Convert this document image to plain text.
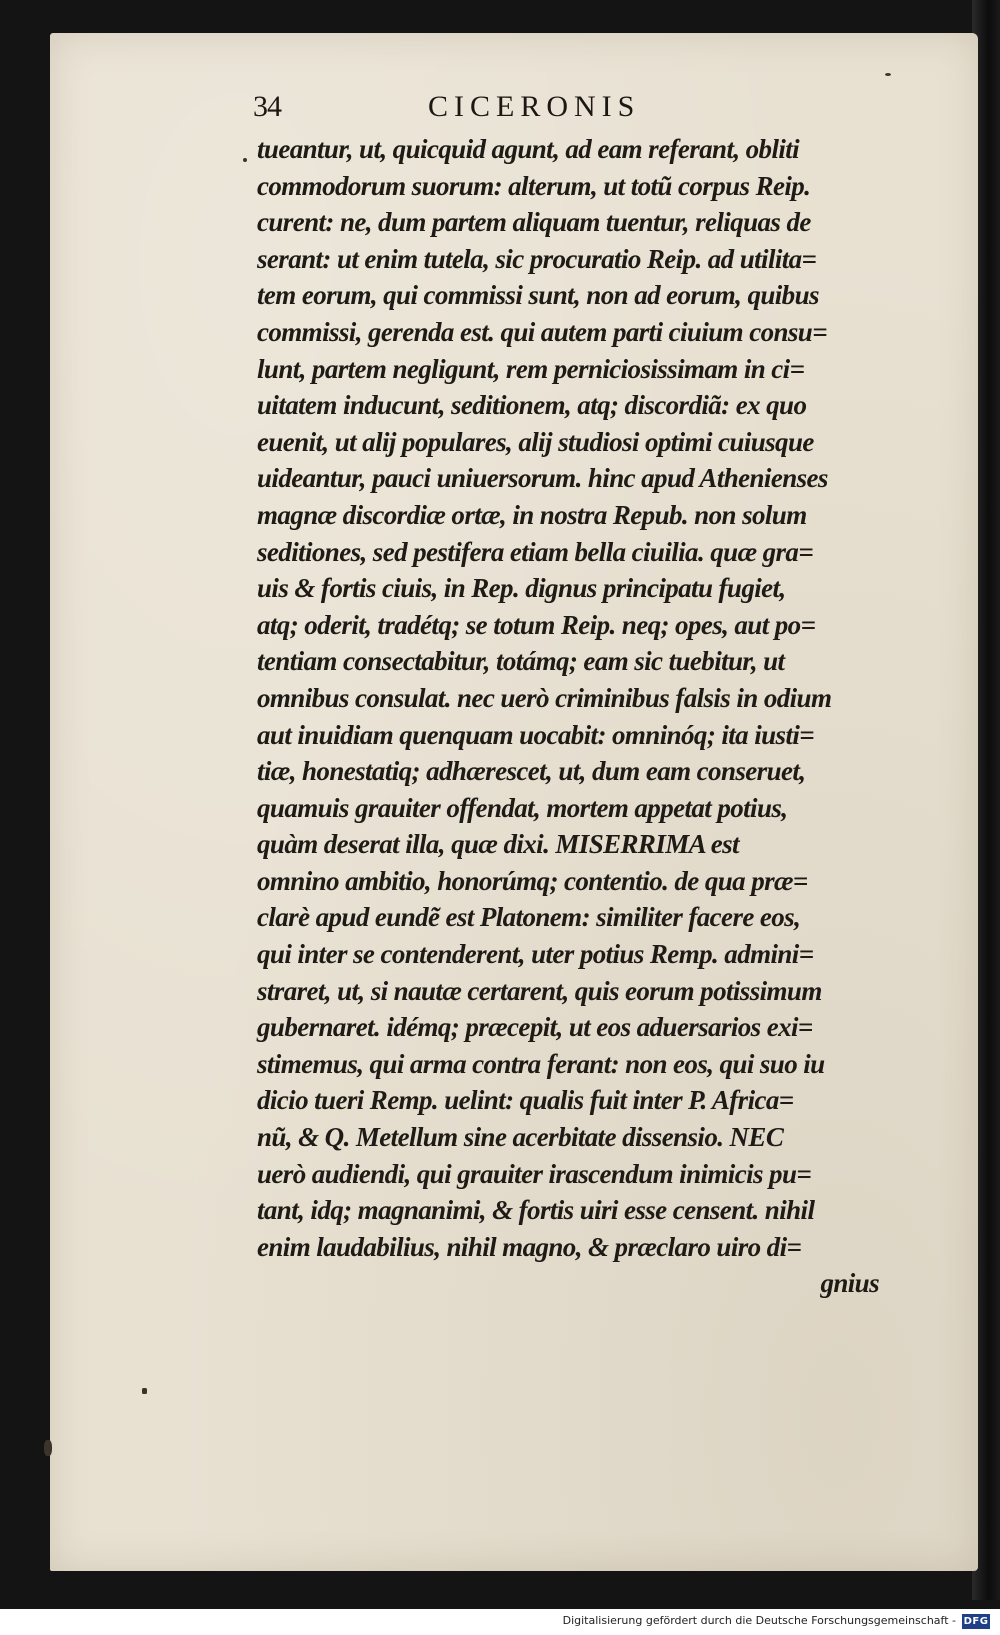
34	CICERONIS
tueantur, ut, quicquid agunt, ad eam referant, obliti
commodorum suorum: alterum, ut totũ corpus Reip.
curent: ne, dum partem aliquam tuentur, reliquas de
serant: ut enim tutela, sic procuratio Reip. ad utilita=
tem eorum, qui commissi sunt, non ad eorum, quibus
commissi, gerenda est. qui autem parti ciuium consu=
lunt, partem negligunt, rem perniciosissimam in ci=
uitatem inducunt, seditionem, atq; discordiã: ex quo
euenit, ut alij populares, alij studiosi optimi cuiusque
uideantur, pauci uniuersorum. hinc apud Athenienses
magnæ discordiæ ortæ, in nostra Repub. non solum
seditiones, sed pestifera etiam bella ciuilia. quæ gra=
uis & fortis ciuis, in Rep. dignus principatu fugiet,
atq; oderit, tradétq; se totum Reip. neq; opes, aut po=
tentiam consectabitur, totámq; eam sic tuebitur, ut
omnibus consulat. nec uerò criminibus falsis in odium
aut inuidiam quenquam uocabit: omninóq; ita iusti=
tiæ, honestatiq; adhærescet, ut, dum eam conseruet,
quamuis grauiter offendat, mortem appetat potius,
quàm deserat illa, quæ dixi. MISERRIMA est
omnino ambitio, honorúmq; contentio. de qua præ=
clarè apud eundẽ est Platonem: similiter facere eos,
qui inter se contenderent, uter potius Remp. admini=
straret, ut, si nautæ certarent, quis eorum potissimum
gubernaret. idémq; præcepit, ut eos aduersarios exi=
stimemus, qui arma contra ferant: non eos, qui suo iu
dicio tueri Remp. uelint: qualis fuit inter P. Africa=
nũ, & Q. Metellum sine acerbitate dissensio. NEC
uerò audiendi, qui grauiter irascendum inimicis pu=
tant, idq; magnanimi, & fortis uiri esse censent. nihil
enim laudabilius, nihil magno, & præclaro uiro di=
gnius
Digitalisierung gefördert durch die Deutsche Forschungsgemeinschaft - DFG
